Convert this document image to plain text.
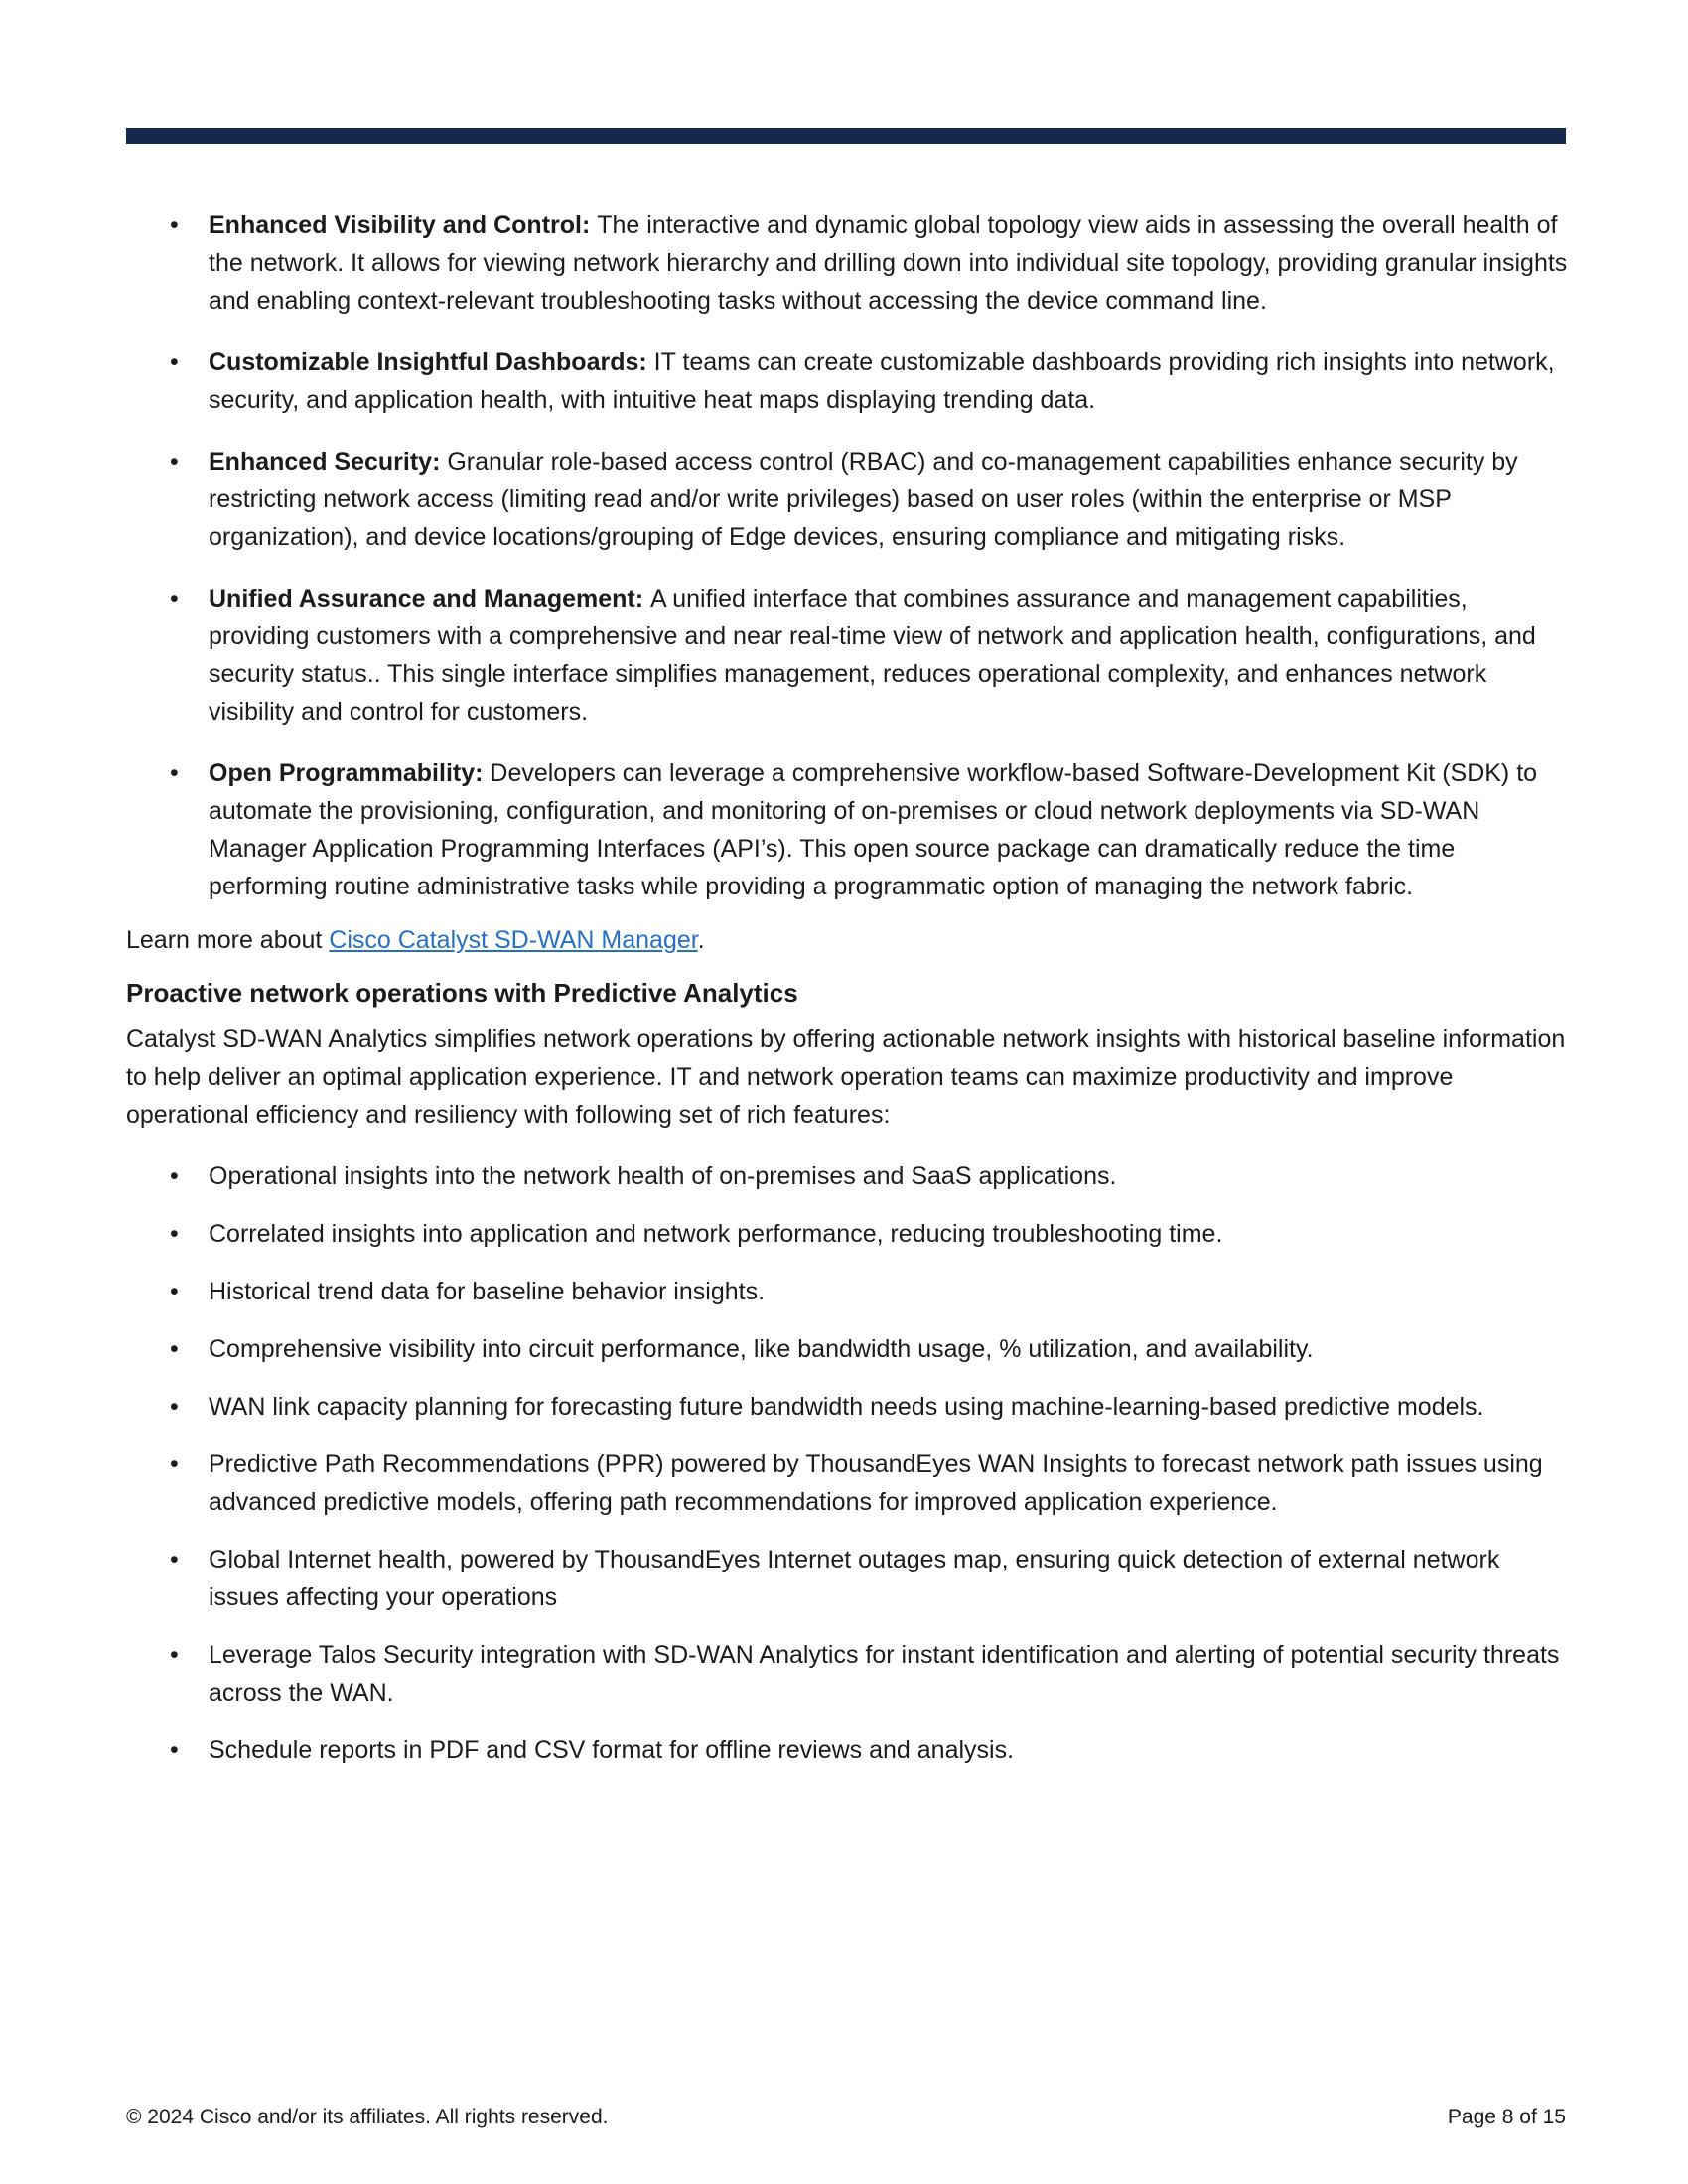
•	Enhanced Visibility and Control: The interactive and dynamic global topology view aids in assessing the overall health of the network. It allows for viewing network hierarchy and drilling down into individual site topology, providing granular insights and enabling context-relevant troubleshooting tasks without accessing the device command line.
•	Customizable Insightful Dashboards: IT teams can create customizable dashboards providing rich insights into network, security, and application health, with intuitive heat maps displaying trending data.
•	Enhanced Security: Granular role-based access control (RBAC) and co-management capabilities enhance security by restricting network access (limiting read and/or write privileges) based on user roles (within the enterprise or MSP organization), and device locations/grouping of Edge devices, ensuring compliance and mitigating risks.
•	Unified Assurance and Management: A unified interface that combines assurance and management capabilities, providing customers with a comprehensive and near real-time view of network and application health, configurations, and security status.. This single interface simplifies management, reduces operational complexity, and enhances network visibility and control for customers.
•	Open Programmability: Developers can leverage a comprehensive workflow-based Software-Development Kit (SDK) to automate the provisioning, configuration, and monitoring of on-premises or cloud network deployments via SD-WAN Manager Application Programming Interfaces (API’s). This open source package can dramatically reduce the time performing routine administrative tasks while providing a programmatic option of managing the network fabric.
Learn more about Cisco Catalyst SD-WAN Manager.
Proactive network operations with Predictive Analytics
Catalyst SD-WAN Analytics simplifies network operations by offering actionable network insights with historical baseline information to help deliver an optimal application experience. IT and network operation teams can maximize productivity and improve operational efficiency and resiliency with following set of rich features:
•	Operational insights into the network health of on-premises and SaaS applications.
•	Correlated insights into application and network performance, reducing troubleshooting time.
•	Historical trend data for baseline behavior insights.
•	Comprehensive visibility into circuit performance, like bandwidth usage, % utilization, and availability.
•	WAN link capacity planning for forecasting future bandwidth needs using machine-learning-based predictive models.
•	Predictive Path Recommendations (PPR) powered by ThousandEyes WAN Insights to forecast network path issues using advanced predictive models, offering path recommendations for improved application experience.
•	Global Internet health, powered by ThousandEyes Internet outages map, ensuring quick detection of external network issues affecting your operations
•	Leverage Talos Security integration with SD-WAN Analytics for instant identification and alerting of potential security threats across the WAN.
•	Schedule reports in PDF and CSV format for offline reviews and analysis.
© 2024 Cisco and/or its affiliates. All rights reserved.	Page 8 of 15
